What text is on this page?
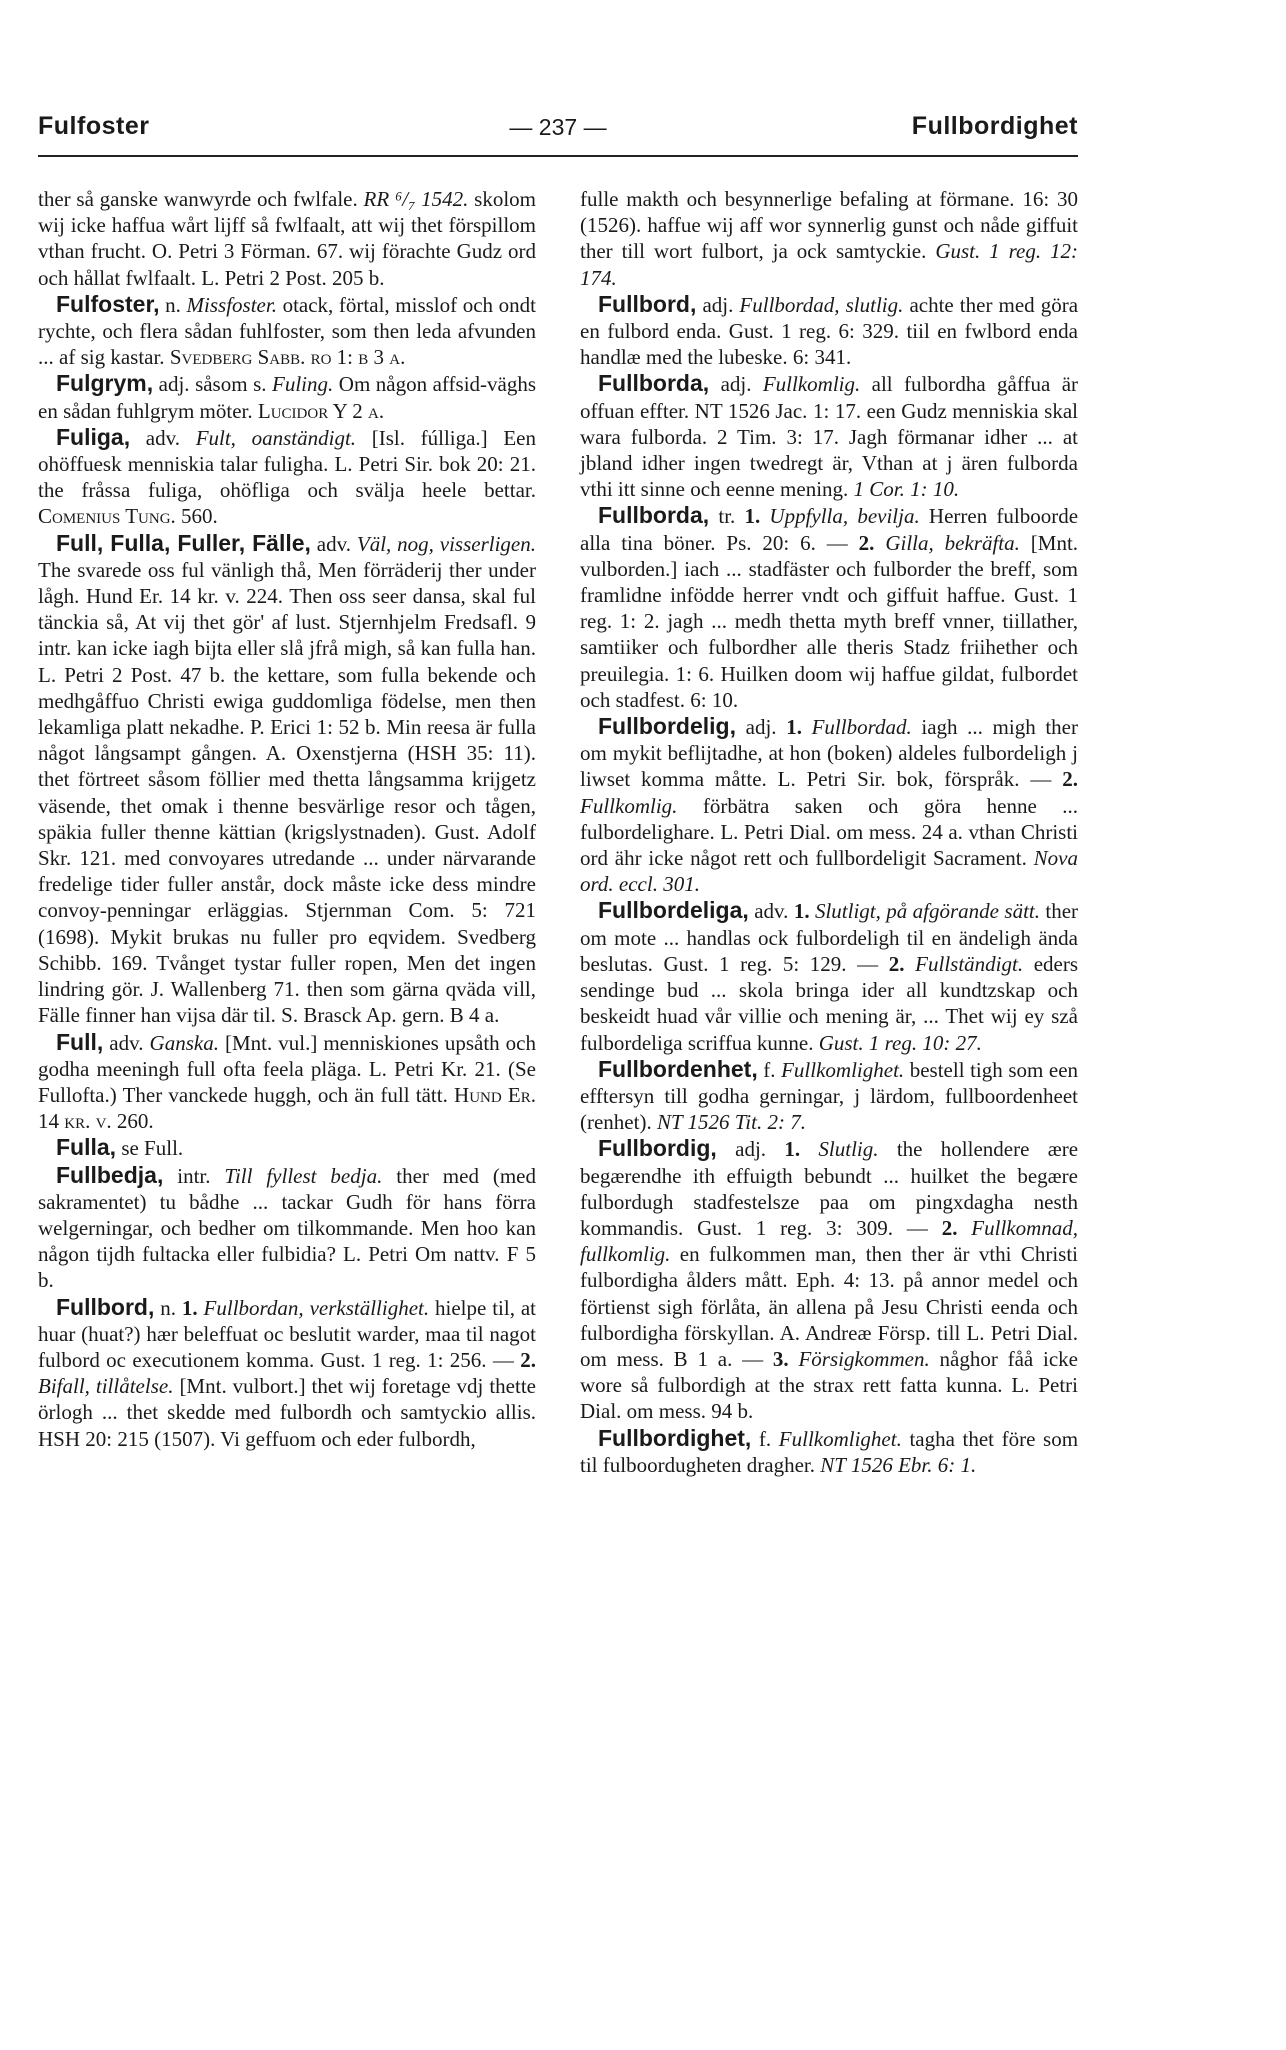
Fulfoster	— 237 —	Fullbordighet

ther så ganske wanwyrde och fwlfale. RR ⁶/₇ 1542. skolom wij icke haffua wårt lijff så fwlfaalt, att wij thet förspillom vthan frucht. O. Petri 3 Förman. 67. wij förachte Gudz ord och hållat fwlfaalt. L. Petri 2 Post. 205 b.

Fulfoster, n. Missfoster. otack, förtal, misslof och ondt rychte, och flera sådan fuhlfoster, som then leda afvunden ... af sig kastar. Svedberg Sabb. ro 1: b 3 a.

Fulgrym, adj. såsom s. Fuling. Om någon affsid-väghs en sådan fuhlgrym möter. Lucidor Y 2 a.

Fuliga, adv. Fult, oanständigt. [Isl. fúlliga.] Een ohöffuesk menniskia talar fuligha. L. Petri Sir. bok 20: 21. the fråssa fuliga, ohöfliga och svälja heele bettar. Comenius Tung. 560.

Full, Fulla, Fuller, Fälle, adv. Väl, nog, visserligen. The svarede oss ful vänligh thå, Men förräderij ther under lågh. Hund Er. 14 kr. v. 224. Then oss seer dansa, skal ful tänckia så, At vij thet gör' af lust. Stjernhjelm Fredsafl. 9 intr. kan icke iagh bijta eller slå jfrå migh, så kan fulla han. L. Petri 2 Post. 47 b. the kettare, som fulla bekende och medhgåffuo Christi ewiga guddomliga födelse, men then lekamliga platt nekadhe. P. Erici 1: 52 b. Min reesa är fulla något långsampt gången. A. Oxenstjerna (HSH 35: 11). thet förtreet såsom föllier med thetta långsamma krijgetz väsende, thet omak i thenne besvärlige resor och tågen, späkia fuller thenne kättian (krigslystnaden). Gust. Adolf Skr. 121. med convoyares utredande ... under närvarande fredelige tider fuller anstår, dock måste icke dess mindre convoy-penningar erläggias. Stjernman Com. 5: 721 (1698). Mykit brukas nu fuller pro eqvidem. Svedberg Schibb. 169. Tvånget tystar fuller ropen, Men det ingen lindring gör. J. Wallenberg 71. then som gärna qväda vill, Fälle finner han vijsa där til. S. Brasck Ap. gern. B 4 a.

Full, adv. Ganska. [Mnt. vul.] menniskiones upsåth och godha meeningh full ofta feela pläga. L. Petri Kr. 21. (Se Fullofta.) Ther vanckede huggh, och än full tätt. Hund Er. 14 kr. v. 260.

Fulla, se Full.

Fullbedja, intr. Till fyllest bedja. ther med (med sakramentet) tu bådhe ... tackar Gudh för hans förra welgerningar, och bedher om tilkommande. Men hoo kan någon tijdh fultacka eller fulbidia? L. Petri Om nattv. F 5 b.

Fullbord, n. 1. Fullbordan, verkställighet. hielpe til, at huar (huat?) hær beleffuat oc beslutit warder, maa til nagot fulbord oc executionem komma. Gust. 1 reg. 1: 256. — 2. Bifall, tillåtelse. [Mnt. vulbort.] thet wij foretage vdj thette örlogh ... thet skedde med fulbordh och samtyckio allis. HSH 20: 215 (1507). Vi geffuom och eder fulbordh,

fulle makth och besynnerlige befaling at förmane. 16: 30 (1526). haffue wij aff wor synnerlig gunst och nåde giffuit ther till wort fulbort, ja ock samtyckie. Gust. 1 reg. 12: 174.

Fullbord, adj. Fullbordad, slutlig. achte ther med göra en fulbord enda. Gust. 1 reg. 6: 329. tiil en fwlbord enda handlæ med the lubeske. 6: 341.

Fullborda, adj. Fullkomlig. all fulbordha gåffua är offuan effter. NT 1526 Jac. 1: 17. een Gudz menniskia skal wara fulborda. 2 Tim. 3: 17. Jagh förmanar idher ... at jbland idher ingen twedregt är, Vthan at j ären fulborda vthi itt sinne och eenne mening. 1 Cor. 1: 10.

Fullborda, tr. 1. Uppfylla, bevilja. Herren fulboorde alla tina böner. Ps. 20: 6. — 2. Gilla, bekräfta. [Mnt. vulborden.] iach ... stadfäster och fulborder the breff, som framlidne infödde herrer vndt och giffuit haffue. Gust. 1 reg. 1: 2. jagh ... medh thetta myth breff vnner, tiillather, samtiiker och fulbordher alle theris Stadz friihether och preuilegia. 1: 6. Huilken doom wij haffue gildat, fulbordet och stadfest. 6: 10.

Fullbordelig, adj. 1. Fullbordad. iagh ... migh ther om mykit beflijtadhe, at hon (boken) aldeles fulbordeligh j liwset komma måtte. L. Petri Sir. bok, förspråk. — 2. Fullkomlig. förbätra saken och göra henne ... fulbordelighare. L. Petri Dial. om mess. 24 a. vthan Christi ord ähr icke något rett och fullbordeligit Sacrament. Nova ord. eccl. 301.

Fullbordeliga, adv. 1. Slutligt, på afgörande sätt. ther om mote ... handlas ock fulbordeligh til en ändeligh ända beslutas. Gust. 1 reg. 5: 129. — 2. Fullständigt. eders sendinge bud ... skola bringa ider all kundtzskap och beskeidt huad vår villie och mening är, ... Thet wij ey szå fulbordeliga scriffua kunne. Gust. 1 reg. 10: 27.

Fullbordenhet, f. Fullkomlighet. bestell tigh som een efftersyn till godha gerningar, j lärdom, fullboordenheet (renhet). NT 1526 Tit. 2: 7.

Fullbordig, adj. 1. Slutlig. the hollendere ære begærendhe ith effuigth bebundt ... huilket the begære fulbordugh stadfestelsze paa om pingxdagha nesth kommandis. Gust. 1 reg. 3: 309. — 2. Fullkomnad, fullkomlig. en fulkommen man, then ther är vthi Christi fulbordigha ålders mått. Eph. 4: 13. på annor medel och förtienst sigh förlåta, än allena på Jesu Christi eenda och fulbordigha förskyllan. A. Andreæ Försp. till L. Petri Dial. om mess. B 1 a. — 3. Försigkommen. någhor fåå icke wore så fulbordigh at the strax rett fatta kunna. L. Petri Dial. om mess. 94 b.

Fullbordighet, f. Fullkomlighet. tagha thet före som til fulboordugheten dragher. NT 1526 Ebr. 6: 1.
